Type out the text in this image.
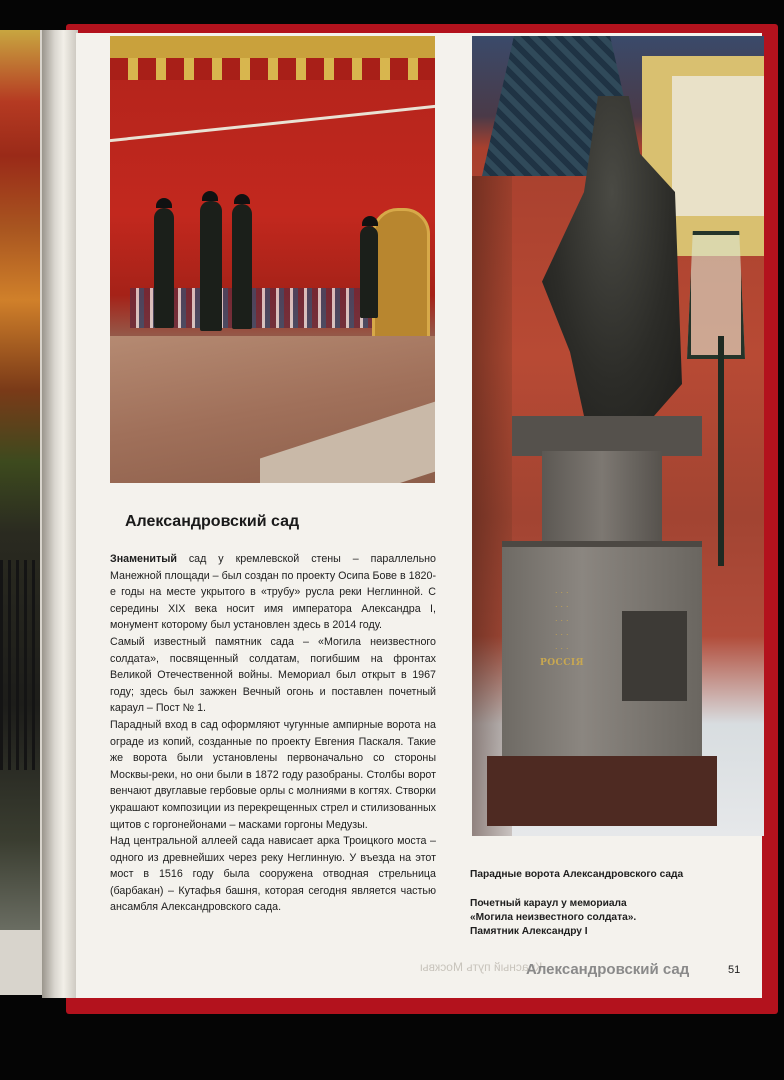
· · ·
· · ·
· · ·
· · ·
· · ·
РОССІЯ
Александровский сад

Знаменитый сад у кремлевской стены – параллельно Манежной площади – был создан по проекту Осипа Бове в 1820-е годы на месте укрытого в «трубу» русла реки Неглинной. С середины XIX века носит имя императора Александра I, монумент которому был установлен здесь в 2014 году.

Самый известный памятник сада – «Могила неизвестного солдата», посвященный солдатам, погибшим на фронтах Великой Отечественной войны. Мемориал был открыт в 1967 году; здесь был зажжен Вечный огонь и поставлен почетный караул – Пост № 1.

Парадный вход в сад оформляют чугунные ампирные ворота на ограде из копий, созданные по проекту Евгения Паскаля. Такие же ворота были установлены первоначально со стороны Москвы-реки, но они были в 1872 году разобраны. Столбы ворот венчают двуглавые гербовые орлы с молниями в когтях. Створки украшают композиции из перекрещенных стрел и стилизованных щитов с горгонейонами – масками горгоны Медузы.

Над центральной аллеей сада нависает арка Троицкого моста – одного из древнейших через реку Неглинную. У въезда на этот мост в 1516 году была сооружена отводная стрельница (барбакан) – Кутафья башня, которая сегодня является частью ансамбля Александровского сада.

Парадные ворота Александровского сада
Почетный караул у мемориала
«Могила неизвестного солдата».
Памятник Александру I
Красный путь Москвы
Александровский сад	51
